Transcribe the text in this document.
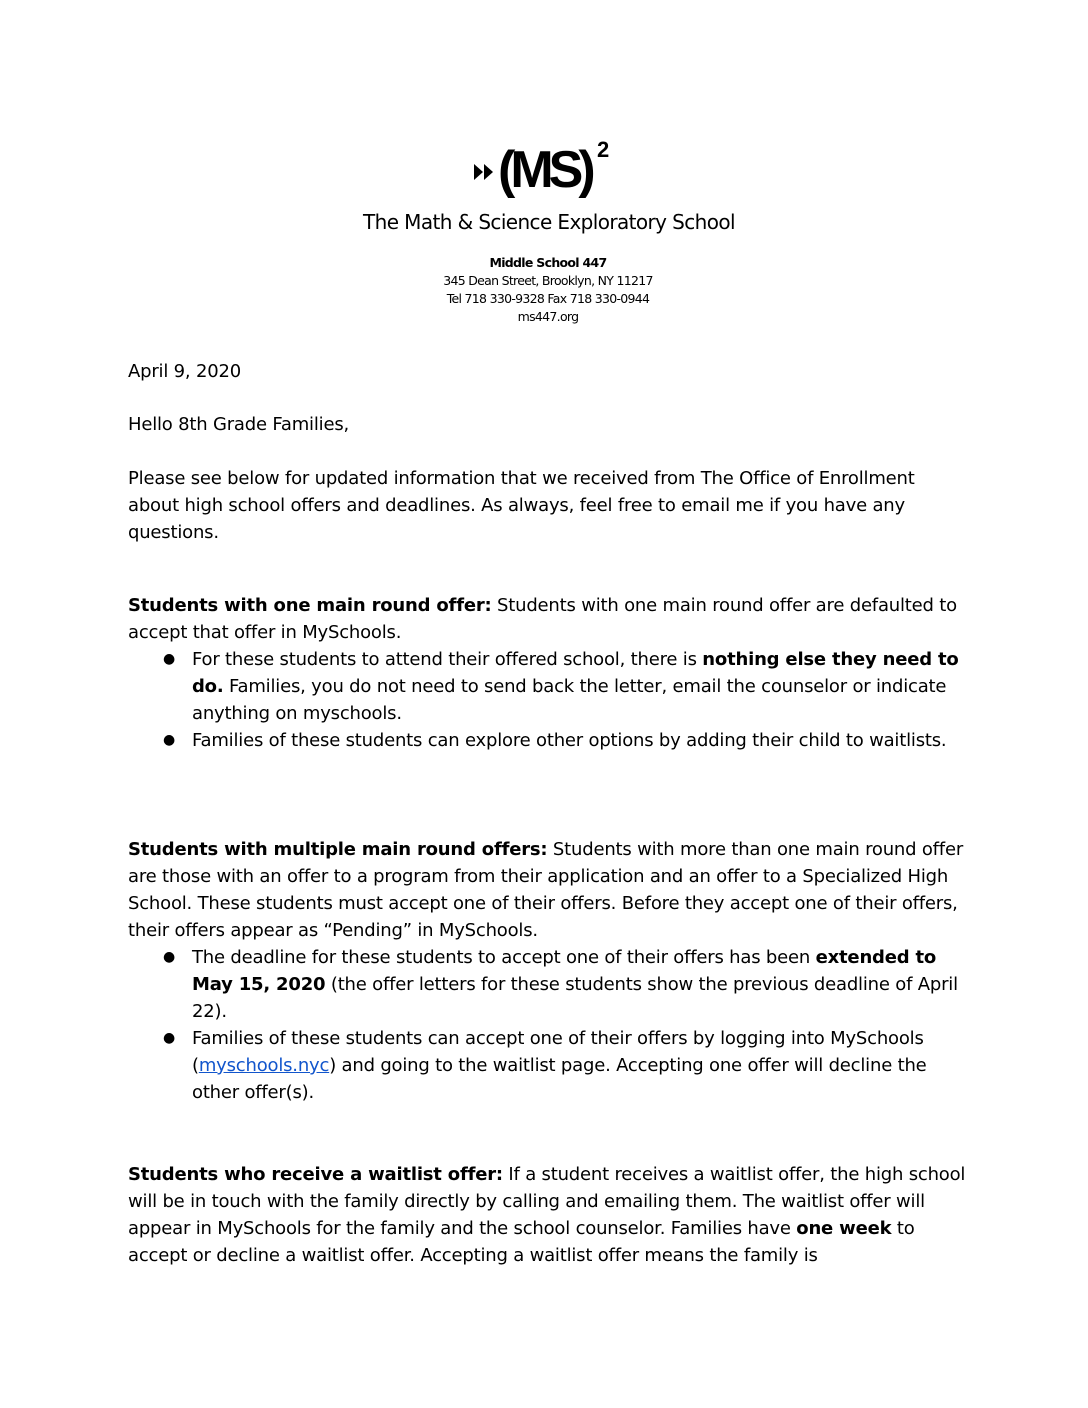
(MS) 2
The Math & Science Exploratory School
Middle School 447
345 Dean Street, Brooklyn, NY 11217
Tel 718 330-9328 Fax 718 330-0944
ms447.org

April 9, 2020

Hello 8th Grade Families,

Please see below for updated information that we received from The Office of Enrollment about high school offers and deadlines. As always, feel free to email me if you have any questions.

Students with one main round offer: Students with one main round offer are defaulted to accept that offer in MySchools.

● For these students to attend their offered school, there is nothing else they need to do. Families, you do not need to send back the letter, email the counselor or indicate anything on myschools.
● Families of these students can explore other options by adding their child to waitlists.

Students with multiple main round offers: Students with more than one main round offer are those with an offer to a program from their application and an offer to a Specialized High School. These students must accept one of their offers. Before they accept one of their offers, their offers appear as “Pending” in MySchools.

● The deadline for these students to accept one of their offers has been extended to May 15, 2020 (the offer letters for these students show the previous deadline of April 22).
● Families of these students can accept one of their offers by logging into MySchools (myschools.nyc) and going to the waitlist page. Accepting one offer will decline the other offer(s).

Students who receive a waitlist offer: If a student receives a waitlist offer, the high school will be in touch with the family directly by calling and emailing them. The waitlist offer will appear in MySchools for the family and the school counselor. Families have one week to accept or decline a waitlist offer. Accepting a waitlist offer means the family is
